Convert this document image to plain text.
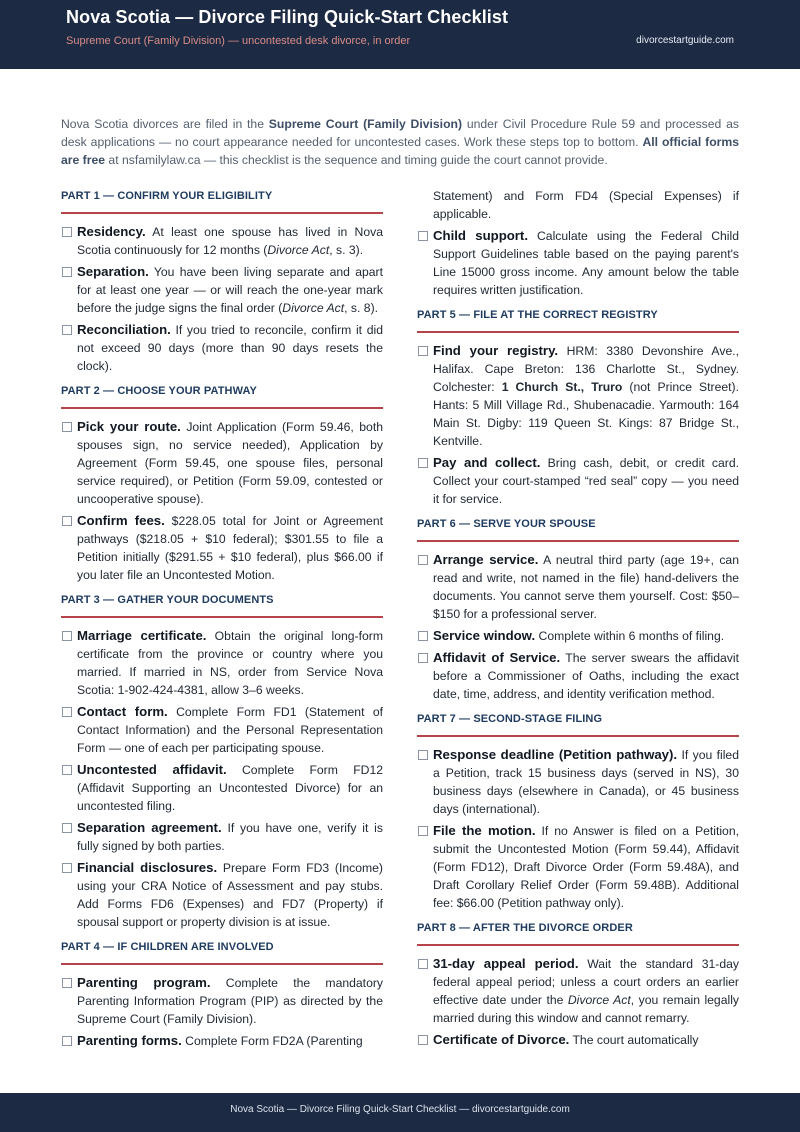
Nova Scotia — Divorce Filing Quick-Start Checklist
Supreme Court (Family Division) — uncontested desk divorce, in order	divorcestartguide.com
Nova Scotia divorces are filed in the Supreme Court (Family Division) under Civil Procedure Rule 59 and processed as desk applications — no court appearance needed for uncontested cases. Work these steps top to bottom. All official forms are free at nsfamilylaw.ca — this checklist is the sequence and timing guide the court cannot provide.
PART 1 — CONFIRM YOUR ELIGIBILITY
Residency. At least one spouse has lived in Nova Scotia continuously for 12 months (Divorce Act, s. 3).
Separation. You have been living separate and apart for at least one year — or will reach the one-year mark before the judge signs the final order (Divorce Act, s. 8).
Reconciliation. If you tried to reconcile, confirm it did not exceed 90 days (more than 90 days resets the clock).
PART 2 — CHOOSE YOUR PATHWAY
Pick your route. Joint Application (Form 59.46, both spouses sign, no service needed), Application by Agreement (Form 59.45, one spouse files, personal service required), or Petition (Form 59.09, contested or uncooperative spouse).
Confirm fees. $228.05 total for Joint or Agreement pathways ($218.05 + $10 federal); $301.55 to file a Petition initially ($291.55 + $10 federal), plus $66.00 if you later file an Uncontested Motion.
PART 3 — GATHER YOUR DOCUMENTS
Marriage certificate. Obtain the original long-form certificate from the province or country where you married. If married in NS, order from Service Nova Scotia: 1-902-424-4381, allow 3–6 weeks.
Contact form. Complete Form FD1 (Statement of Contact Information) and the Personal Representation Form — one of each per participating spouse.
Uncontested affidavit. Complete Form FD12 (Affidavit Supporting an Uncontested Divorce) for an uncontested filing.
Separation agreement. If you have one, verify it is fully signed by both parties.
Financial disclosures. Prepare Form FD3 (Income) using your CRA Notice of Assessment and pay stubs. Add Forms FD6 (Expenses) and FD7 (Property) if spousal support or property division is at issue.
PART 4 — IF CHILDREN ARE INVOLVED
Parenting program. Complete the mandatory Parenting Information Program (PIP) as directed by the Supreme Court (Family Division).
Parenting forms. Complete Form FD2A (Parenting
Statement) and Form FD4 (Special Expenses) if applicable.
Child support. Calculate using the Federal Child Support Guidelines table based on the paying parent's Line 15000 gross income. Any amount below the table requires written justification.
PART 5 — FILE AT THE CORRECT REGISTRY
Find your registry. HRM: 3380 Devonshire Ave., Halifax. Cape Breton: 136 Charlotte St., Sydney. Colchester: 1 Church St., Truro (not Prince Street). Hants: 5 Mill Village Rd., Shubenacadie. Yarmouth: 164 Main St. Digby: 119 Queen St. Kings: 87 Bridge St., Kentville.
Pay and collect. Bring cash, debit, or credit card. Collect your court-stamped “red seal” copy — you need it for service.
PART 6 — SERVE YOUR SPOUSE
Arrange service. A neutral third party (age 19+, can read and write, not named in the file) hand-delivers the documents. You cannot serve them yourself. Cost: $50–$150 for a professional server.
Service window. Complete within 6 months of filing.
Affidavit of Service. The server swears the affidavit before a Commissioner of Oaths, including the exact date, time, address, and identity verification method.
PART 7 — SECOND-STAGE FILING
Response deadline (Petition pathway). If you filed a Petition, track 15 business days (served in NS), 30 business days (elsewhere in Canada), or 45 business days (international).
File the motion. If no Answer is filed on a Petition, submit the Uncontested Motion (Form 59.44), Affidavit (Form FD12), Draft Divorce Order (Form 59.48A), and Draft Corollary Relief Order (Form 59.48B). Additional fee: $66.00 (Petition pathway only).
PART 8 — AFTER THE DIVORCE ORDER
31-day appeal period. Wait the standard 31-day federal appeal period; unless a court orders an earlier effective date under the Divorce Act, you remain legally married during this window and cannot remarry.
Certificate of Divorce. The court automatically
Nova Scotia — Divorce Filing Quick-Start Checklist — divorcestartguide.com
